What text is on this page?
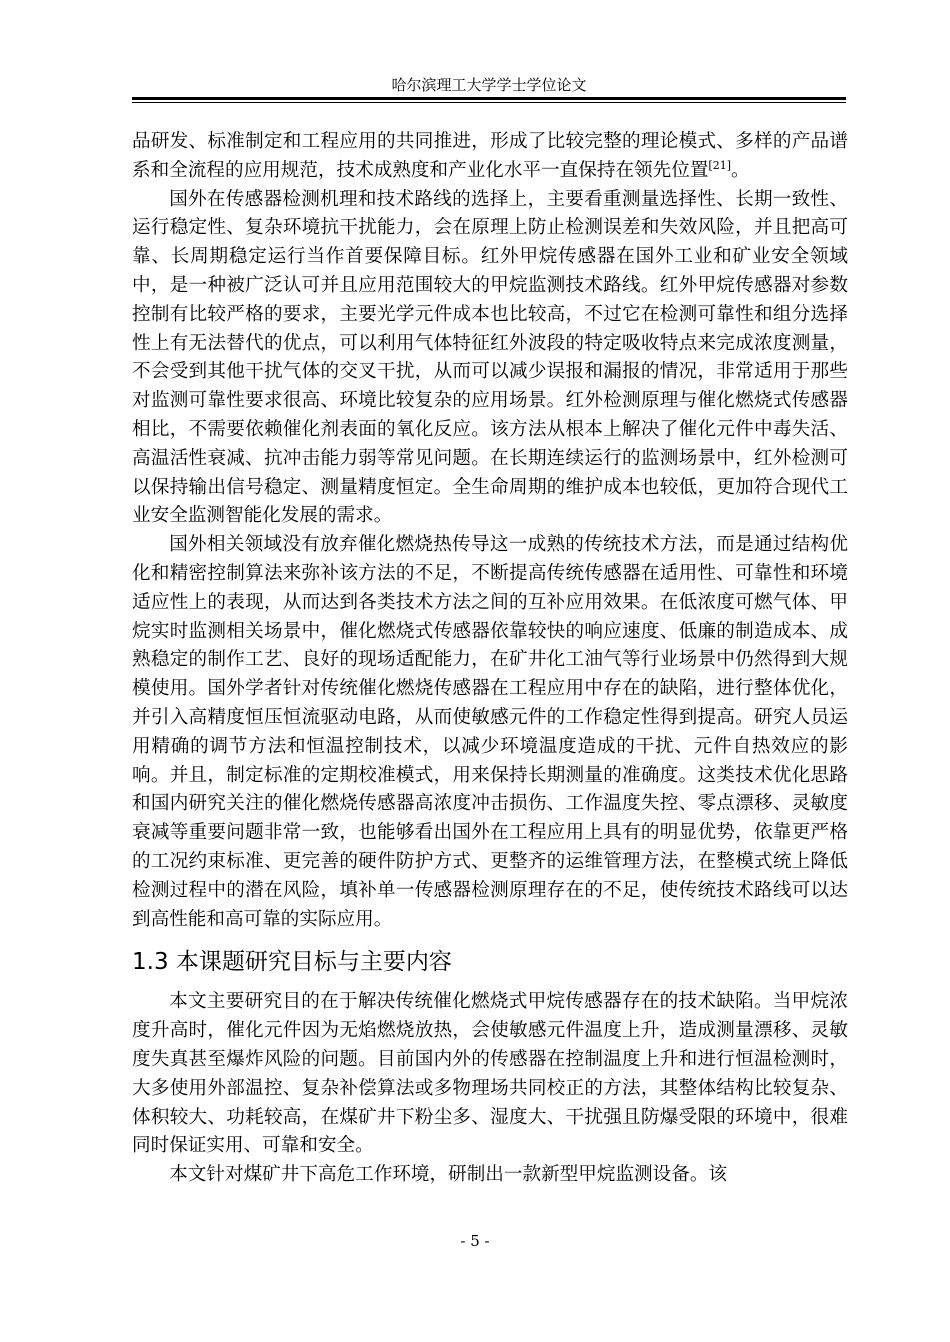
哈尔滨理工大学学士学位论文

品研发、标准制定和工程应用的共同推进，形成了比较完整的理论模式、多样的产品谱系和全流程的应用规范，技术成熟度和产业化水平一直保持在领先位置[21]。

国外在传感器检测机理和技术路线的选择上，主要看重测量选择性、长期一致性、运行稳定性、复杂环境抗干扰能力，会在原理上防止检测误差和失效风险，并且把高可靠、长周期稳定运行当作首要保障目标。红外甲烷传感器在国外工业和矿业安全领域中，是一种被广泛认可并且应用范围较大的甲烷监测技术路线。红外甲烷传感器对参数控制有比较严格的要求，主要光学元件成本也比较高，不过它在检测可靠性和组分选择性上有无法替代的优点，可以利用气体特征红外波段的特定吸收特点来完成浓度测量，不会受到其他干扰气体的交叉干扰，从而可以减少误报和漏报的情况，非常适用于那些对监测可靠性要求很高、环境比较复杂的应用场景。红外检测原理与催化燃烧式传感器相比，不需要依赖催化剂表面的氧化反应。该方法从根本上解决了催化元件中毒失活、高温活性衰减、抗冲击能力弱等常见问题。在长期连续运行的监测场景中，红外检测可以保持输出信号稳定、测量精度恒定。全生命周期的维护成本也较低，更加符合现代工业安全监测智能化发展的需求。

国外相关领域没有放弃催化燃烧热传导这一成熟的传统技术方法，而是通过结构优化和精密控制算法来弥补该方法的不足，不断提高传统传感器在适用性、可靠性和环境适应性上的表现，从而达到各类技术方法之间的互补应用效果。在低浓度可燃气体、甲烷实时监测相关场景中，催化燃烧式传感器依靠较快的响应速度、低廉的制造成本、成熟稳定的制作工艺、良好的现场适配能力，在矿井化工油气等行业场景中仍然得到大规模使用。国外学者针对传统催化燃烧传感器在工程应用中存在的缺陷，进行整体优化，并引入高精度恒压恒流驱动电路，从而使敏感元件的工作稳定性得到提高。研究人员运用精确的调节方法和恒温控制技术，以减少环境温度造成的干扰、元件自热效应的影响。并且，制定标准的定期校准模式，用来保持长期测量的准确度。这类技术优化思路和国内研究关注的催化燃烧传感器高浓度冲击损伤、工作温度失控、零点漂移、灵敏度衰减等重要问题非常一致，也能够看出国外在工程应用上具有的明显优势，依靠更严格的工况约束标准、更完善的硬件防护方式、更整齐的运维管理方法，在整模式统上降低检测过程中的潜在风险，填补单一传感器检测原理存在的不足，使传统技术路线可以达到高性能和高可靠的实际应用。

1.3 本课题研究目标与主要内容

本文主要研究目的在于解决传统催化燃烧式甲烷传感器存在的技术缺陷。当甲烷浓度升高时，催化元件因为无焰燃烧放热，会使敏感元件温度上升，造成测量漂移、灵敏度失真甚至爆炸风险的问题。目前国内外的传感器在控制温度上升和进行恒温检测时，大多使用外部温控、复杂补偿算法或多物理场共同校正的方法，其整体结构比较复杂、体积较大、功耗较高，在煤矿井下粉尘多、湿度大、干扰强且防爆受限的环境中，很难同时保证实用、可靠和安全。

本文针对煤矿井下高危工作环境，研制出一款新型甲烷监测设备。该

- 5 -
